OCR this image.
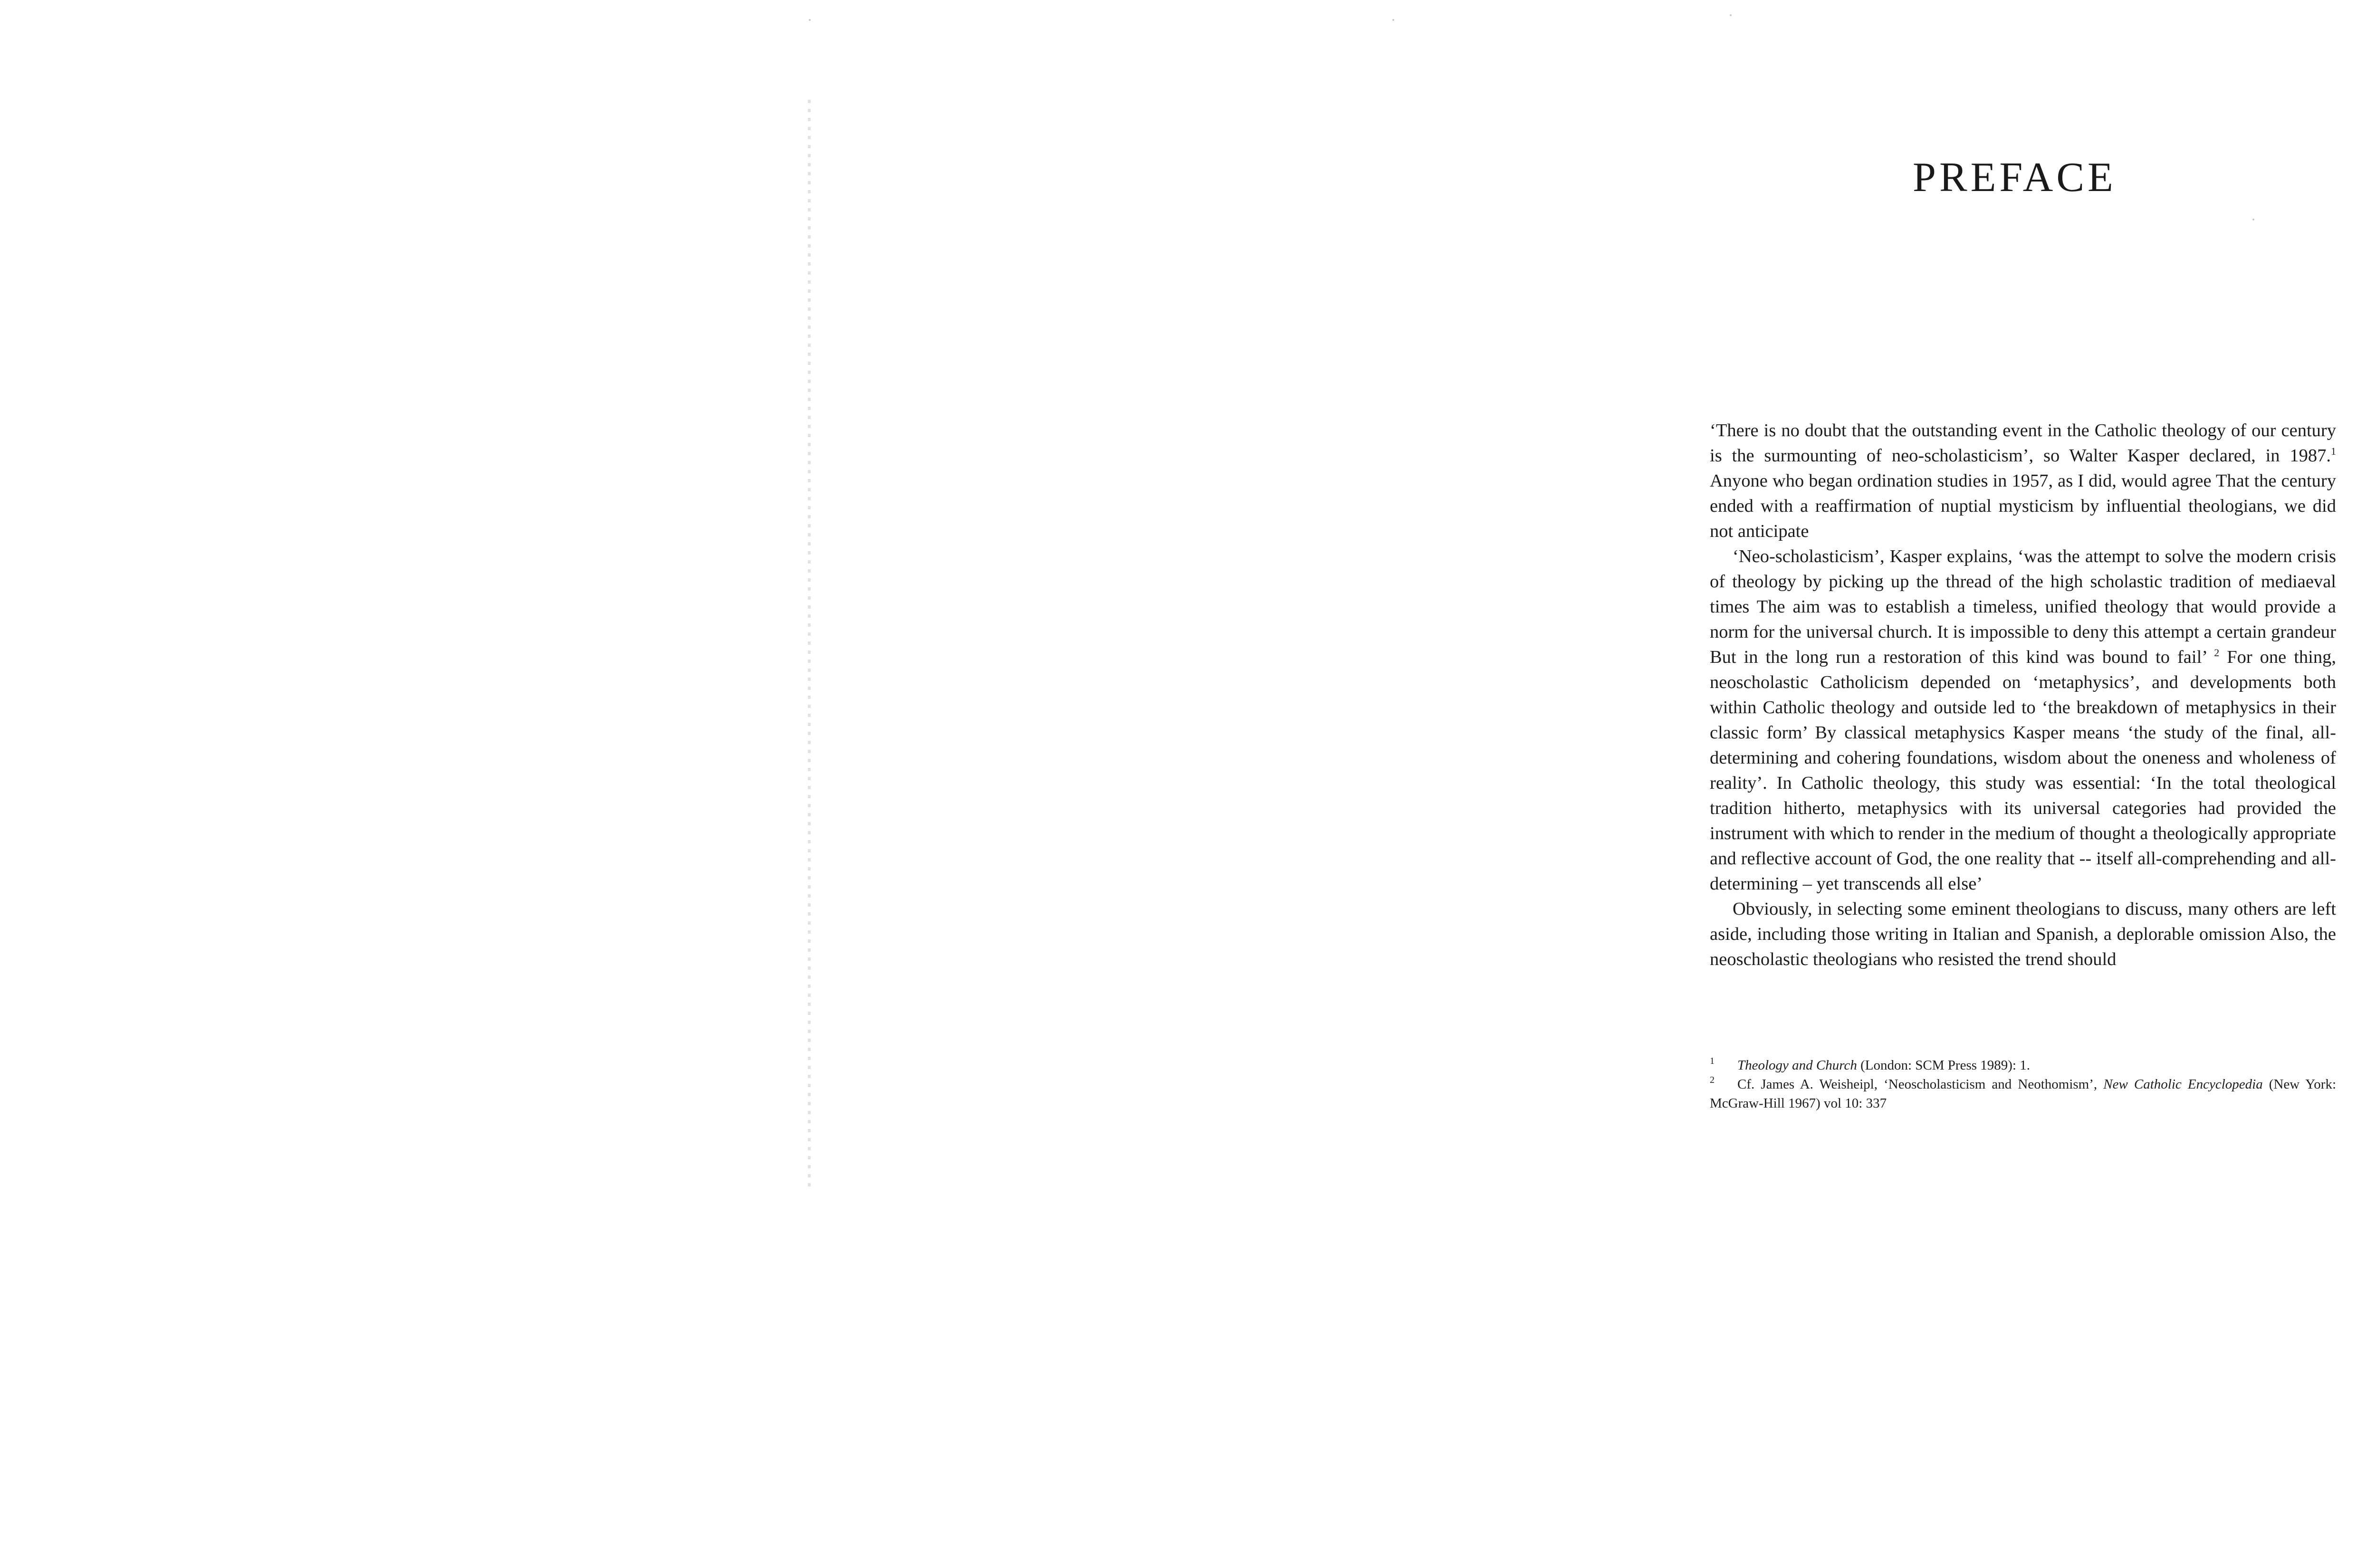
PREFACE

‘There is no doubt that the outstanding event in the Catholic theology of our century is the surmounting of neo-scholasticism’, so Walter Kasper declared, in 1987.$^1$ Anyone who began ordination studies in 1957, as I did, would agree That the century ended with a reaffirmation of nuptial mysticism by influential theologians, we did not anticipate

‘Neo-scholasticism’, Kasper explains, ‘was the attempt to solve the modern crisis of theology by picking up the thread of the high scholastic tradition of mediaeval times The aim was to establish a timeless, unified theology that would provide a norm for the universal church. It is impossible to deny this attempt a certain grandeur But in the long run a restoration of this kind was bound to fail’ $^2$ For one thing, neoscholastic Catholicism depended on ‘metaphysics’, and developments both within Catholic theology and outside led to ‘the breakdown of metaphysics in their classic form’ By classical metaphysics Kasper means ‘the study of the final, all-determining and cohering foundations, wisdom about the oneness and wholeness of reality’. In Catholic theology, this study was essential: ‘In the total theological tradition hitherto, metaphysics with its universal categories had provided the instrument with which to render in the medium of thought a theologically appropriate and reflective account of God, the one reality that -- itself all-comprehending and all-determining – yet transcends all else’

Obviously, in selecting some eminent theologians to discuss, many others are left aside, including those writing in Italian and Spanish, a deplorable omission Also, the neoscholastic theologians who resisted the trend should

1 Theology and Church (London: SCM Press 1989): 1.

2 Cf. James A. Weisheipl, ‘Neoscholasticism and Neothomism’, New Catholic Encyclopedia (New York: McGraw-Hill 1967) vol 10: 337
